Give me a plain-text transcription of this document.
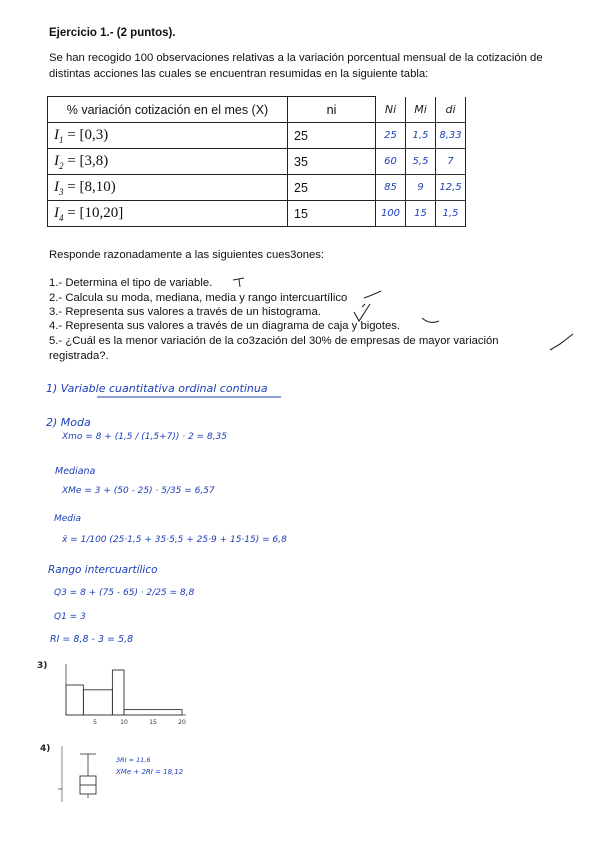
Ejercicio 1.- (2 puntos).
Se han recogido 100 observaciones relativas a la variación porcentual mensual de la cotización de distintas acciones las cuales se encuentran resumidas en la siguiente tabla:
% variación cotización en el mes (X)	ni	Ni	Mi	di
$I_1 = [0,3)$	25	25	1,5	8,33
$I_2 = [3,8)$	35	60	5,5	7
$I_3 = [8,10)$	25	85	9	12,5
$I_4 = [10,20]$	15	100	15	1,5
Responde razonadamente a las siguientes cues3ones:
1.- Determina el tipo de variable.
2.- Calcula su moda, mediana, media y rango intercuartílico
3.- Representa sus valores a través de un histograma.
4.- Representa sus valores a través de un diagrama de caja y bigotes.
5.- ¿Cuál es la menor variación de la co3zación del 30% de empresas de mayor variación registrada?.
1) Variable cuantitativa ordinal continua
2) Moda
Xmo = 8 + (1,5 / (1,5+7)) · 2 = 8,35
Mediana
XMe = 3 + (50 - 25) · 5/35 = 6,57
Media
x̄ = 1/100 (25·1,5 + 35·5,5 + 25·9 + 15·15) = 6,8
Rango intercuartílico
Q3 = 8 + (75 - 65) · 2/25 = 8,8
Q1 = 3
RI = 8,8 - 3 = 5,8
3)
5	10	15	20
4)
3RI = 11,6
XMe + 2RI = 18,12
